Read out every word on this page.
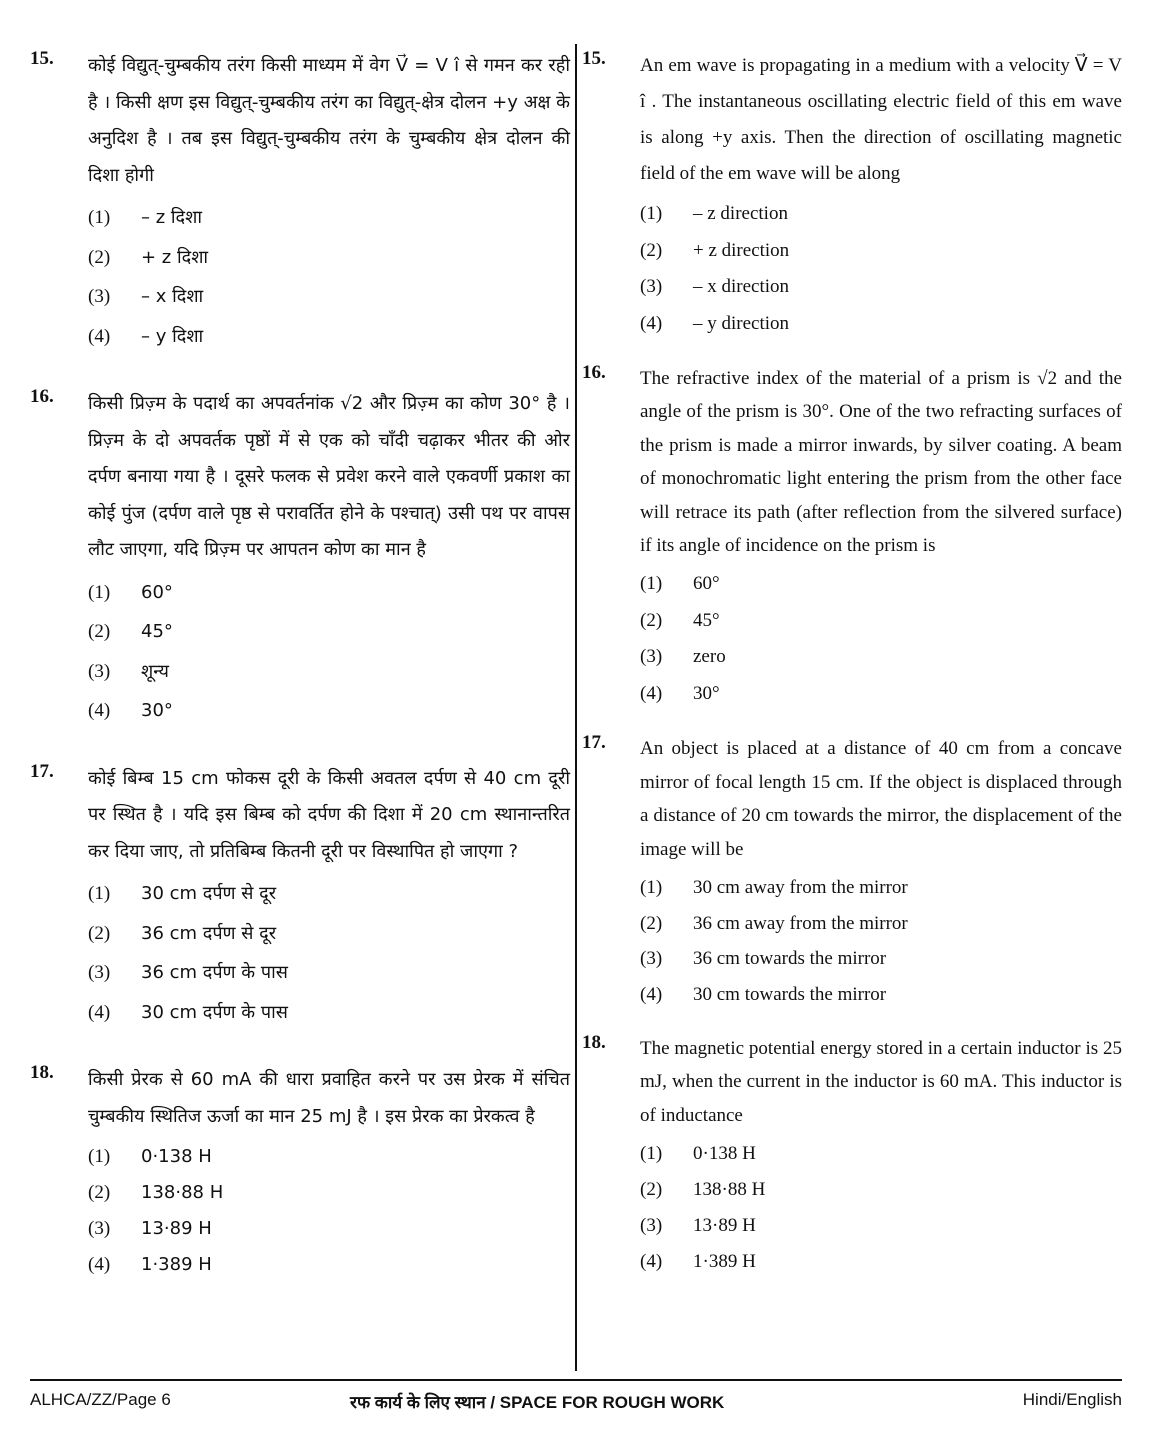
15. कोई विद्युत्-चुम्बकीय तरंग किसी माध्यम में वेग V⃗ = V î से गमन कर रही है । किसी क्षण इस विद्युत्-चुम्बकीय तरंग का विद्युत्-क्षेत्र दोलन +y अक्ष के अनुदिश है । तब इस विद्युत्-चुम्बकीय तरंग के चुम्बकीय क्षेत्र दोलन की दिशा होगी

(1)	– z दिशा
(2)	+ z दिशा
(3)	– x दिशा
(4)	– y दिशा
16. किसी प्रिज़्म के पदार्थ का अपवर्तनांक √2 और प्रिज़्म का कोण 30° है । प्रिज़्म के दो अपवर्तक पृष्ठों में से एक को चाँदी चढ़ाकर भीतर की ओर दर्पण बनाया गया है । दूसरे फलक से प्रवेश करने वाले एकवर्णी प्रकाश का कोई पुंज (दर्पण वाले पृष्ठ से परावर्तित होने के पश्चात्) उसी पथ पर वापस लौट जाएगा, यदि प्रिज़्म पर आपतन कोण का मान है

(1)	60°
(2)	45°
(3)	शून्य
(4)	30°
17. कोई बिम्ब 15 cm फोकस दूरी के किसी अवतल दर्पण से 40 cm दूरी पर स्थित है । यदि इस बिम्ब को दर्पण की दिशा में 20 cm स्थानान्तरित कर दिया जाए, तो प्रतिबिम्ब कितनी दूरी पर विस्थापित हो जाएगा ?

(1)	30 cm दर्पण से दूर
(2)	36 cm दर्पण से दूर
(3)	36 cm दर्पण के पास
(4)	30 cm दर्पण के पास
18. किसी प्रेरक से 60 mA की धारा प्रवाहित करने पर उस प्रेरक में संचित चुम्बकीय स्थितिज ऊर्जा का मान 25 mJ है । इस प्रेरक का प्रेरकत्व है

(1)	0·138 H
(2)	138·88 H
(3)	13·89 H
(4)	1·389 H
15. An em wave is propagating in a medium with a velocity V⃗ = V î . The instantaneous oscillating electric field of this em wave is along +y axis. Then the direction of oscillating magnetic field of the em wave will be along

(1)	– z direction
(2)	+ z direction
(3)	– x direction
(4)	– y direction
16. The refractive index of the material of a prism is √2 and the angle of the prism is 30°. One of the two refracting surfaces of the prism is made a mirror inwards, by silver coating. A beam of monochromatic light entering the prism from the other face will retrace its path (after reflection from the silvered surface) if its angle of incidence on the prism is

(1)	60°
(2)	45°
(3)	zero
(4)	30°
17. An object is placed at a distance of 40 cm from a concave mirror of focal length 15 cm. If the object is displaced through a distance of 20 cm towards the mirror, the displacement of the image will be

(1)	30 cm away from the mirror
(2)	36 cm away from the mirror
(3)	36 cm towards the mirror
(4)	30 cm towards the mirror
18. The magnetic potential energy stored in a certain inductor is 25 mJ, when the current in the inductor is 60 mA. This inductor is of inductance

(1)	0·138 H
(2)	138·88 H
(3)	13·89 H
(4)	1·389 H
ALHCA/ZZ/Page 6	रफ कार्य के लिए स्थान / SPACE FOR ROUGH WORK	Hindi/English
